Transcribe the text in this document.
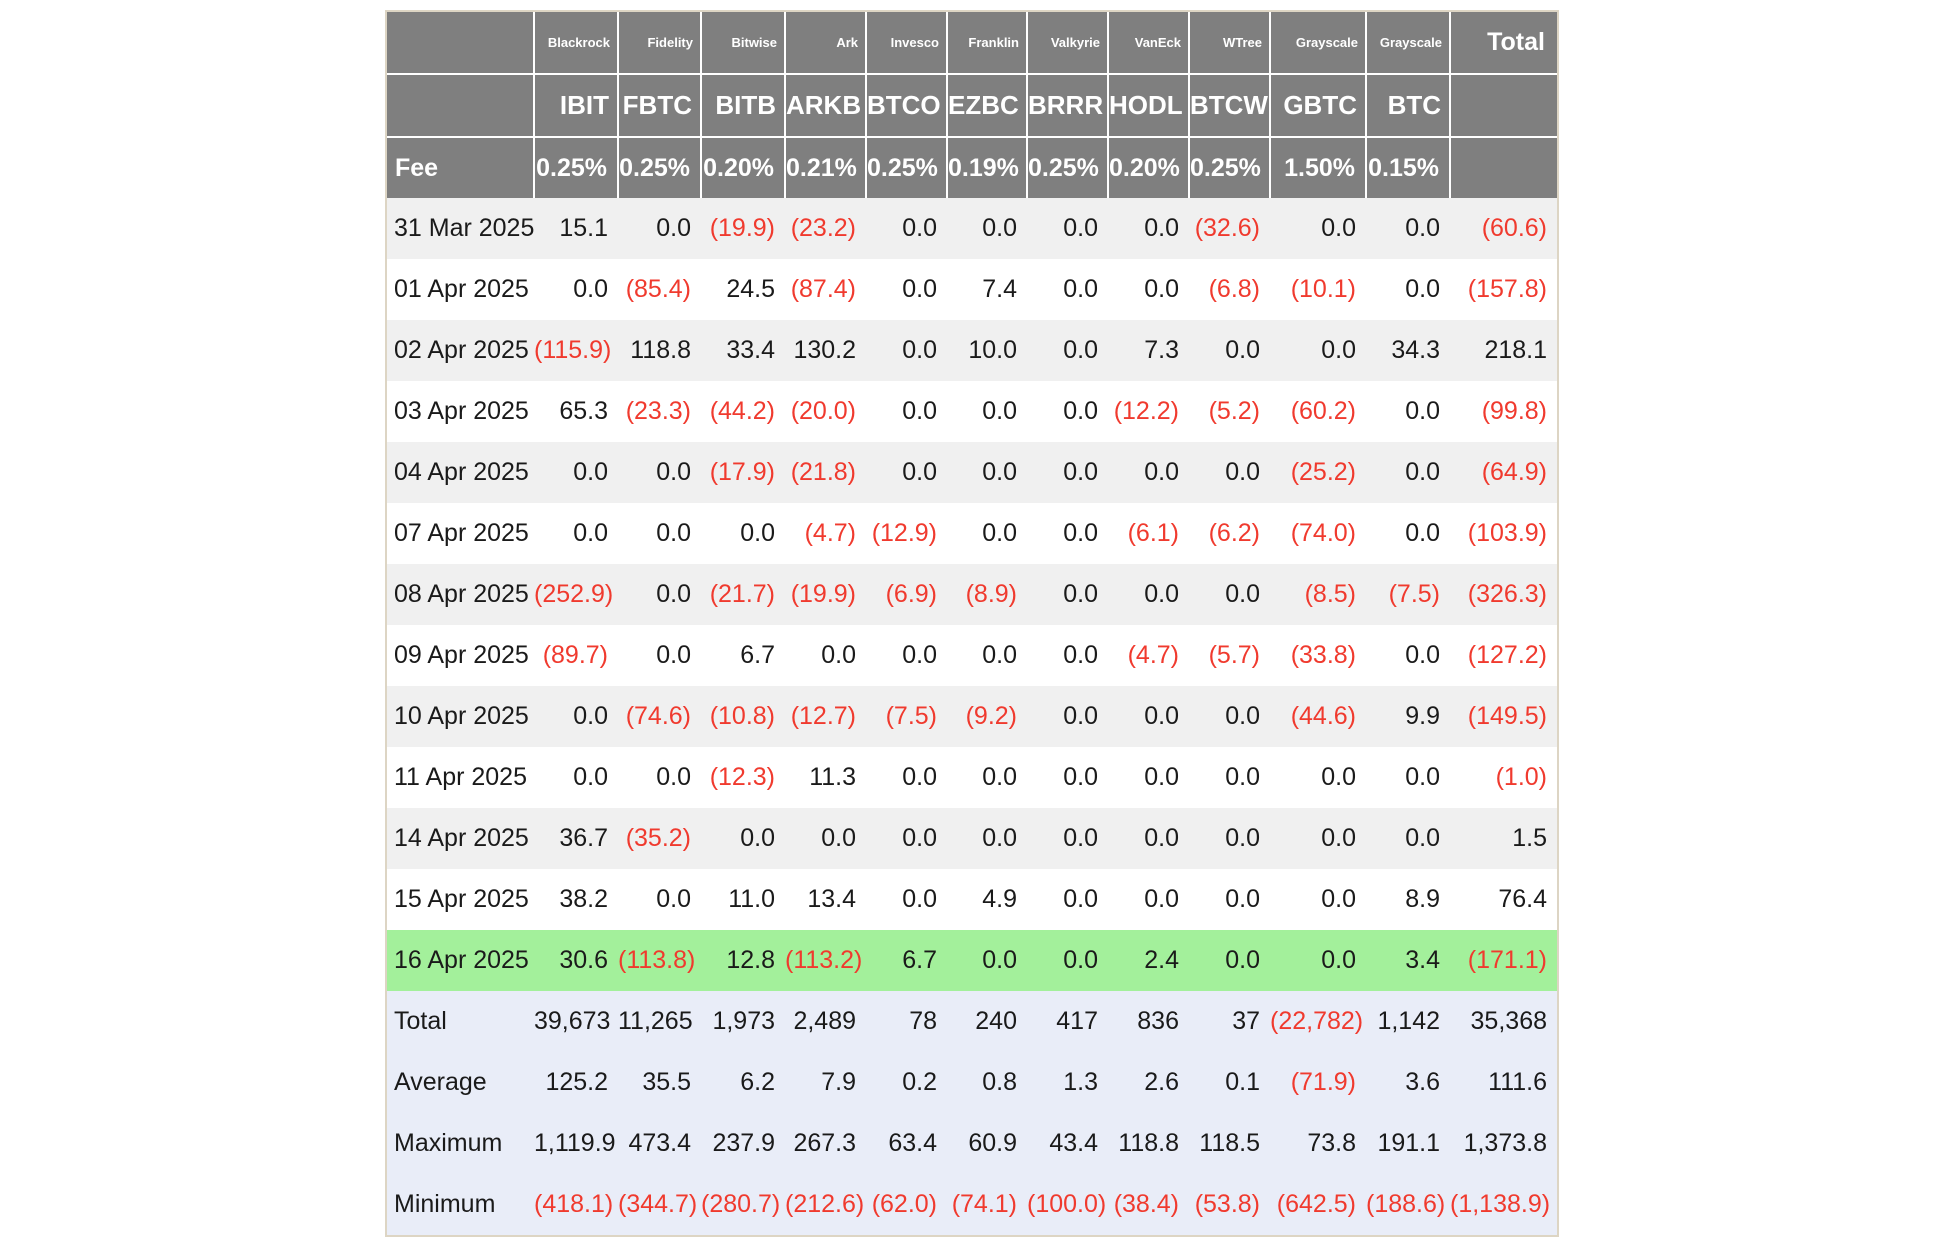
	Blackrock	Fidelity	Bitwise	Ark	Invesco	Franklin	Valkyrie	VanEck	WTree	Grayscale	Grayscale	Total
	IBIT	FBTC	BITB	ARKB	BTCO	EZBC	BRRR	HODL	BTCW	GBTC	BTC	
Fee	0.25%	0.25%	0.20%	0.21%	0.25%	0.19%	0.25%	0.20%	0.25%	1.50%	0.15%	
31 Mar 2025	15.1	0.0	(19.9)	(23.2)	0.0	0.0	0.0	0.0	(32.6)	0.0	0.0	(60.6)
01 Apr 2025	0.0	(85.4)	24.5	(87.4)	0.0	7.4	0.0	0.0	(6.8)	(10.1)	0.0	(157.8)
02 Apr 2025	(115.9)	118.8	33.4	130.2	0.0	10.0	0.0	7.3	0.0	0.0	34.3	218.1
03 Apr 2025	65.3	(23.3)	(44.2)	(20.0)	0.0	0.0	0.0	(12.2)	(5.2)	(60.2)	0.0	(99.8)
04 Apr 2025	0.0	0.0	(17.9)	(21.8)	0.0	0.0	0.0	0.0	0.0	(25.2)	0.0	(64.9)
07 Apr 2025	0.0	0.0	0.0	(4.7)	(12.9)	0.0	0.0	(6.1)	(6.2)	(74.0)	0.0	(103.9)
08 Apr 2025	(252.9)	0.0	(21.7)	(19.9)	(6.9)	(8.9)	0.0	0.0	0.0	(8.5)	(7.5)	(326.3)
09 Apr 2025	(89.7)	0.0	6.7	0.0	0.0	0.0	0.0	(4.7)	(5.7)	(33.8)	0.0	(127.2)
10 Apr 2025	0.0	(74.6)	(10.8)	(12.7)	(7.5)	(9.2)	0.0	0.0	0.0	(44.6)	9.9	(149.5)
11 Apr 2025	0.0	0.0	(12.3)	11.3	0.0	0.0	0.0	0.0	0.0	0.0	0.0	(1.0)
14 Apr 2025	36.7	(35.2)	0.0	0.0	0.0	0.0	0.0	0.0	0.0	0.0	0.0	1.5
15 Apr 2025	38.2	0.0	11.0	13.4	0.0	4.9	0.0	0.0	0.0	0.0	8.9	76.4
16 Apr 2025	30.6	(113.8)	12.8	(113.2)	6.7	0.0	0.0	2.4	0.0	0.0	3.4	(171.1)
Total	39,673	11,265	1,973	2,489	78	240	417	836	37	(22,782)	1,142	35,368
Average	125.2	35.5	6.2	7.9	0.2	0.8	1.3	2.6	0.1	(71.9)	3.6	111.6
Maximum	1,119.9	473.4	237.9	267.3	63.4	60.9	43.4	118.8	118.5	73.8	191.1	1,373.8
Minimum	(418.1)	(344.7)	(280.7)	(212.6)	(62.0)	(74.1)	(100.0)	(38.4)	(53.8)	(642.5)	(188.6)	(1,138.9)
